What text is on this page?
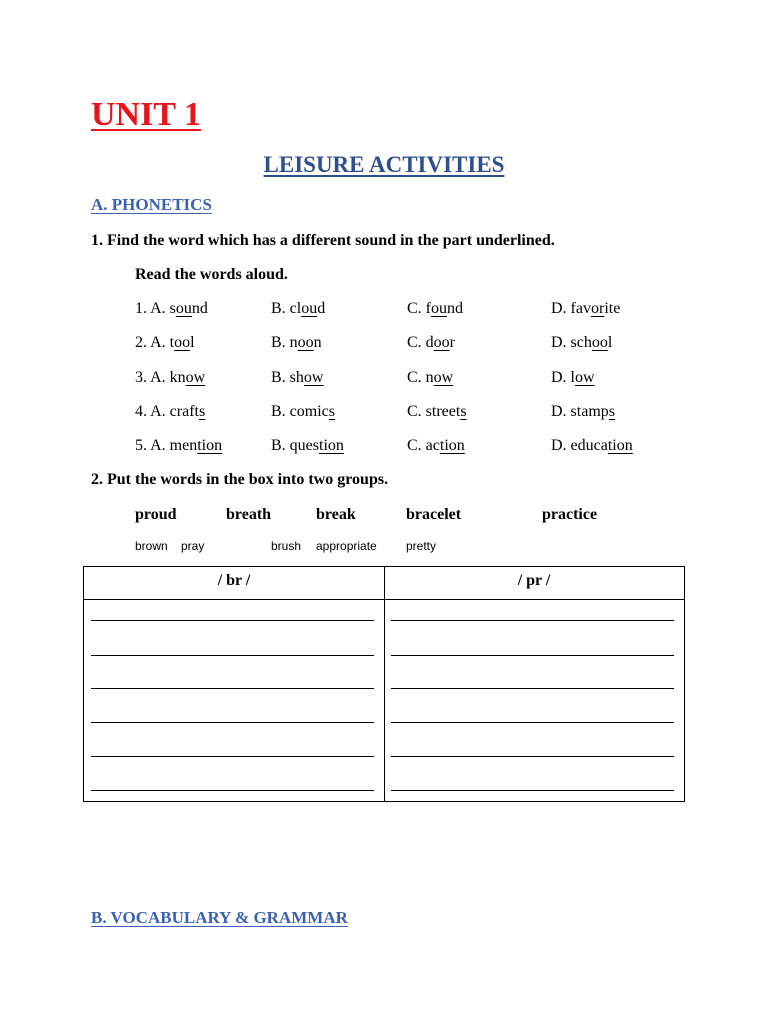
UNIT 1
LEISURE ACTIVITIES
A. PHONETICS
1. Find the word which has a different sound in the part underlined.
Read the words aloud.
1. A. sound	B. cloud	C. found	D. favorite
2. A. tool	B. noon	C. door	D. school
3. A. know	B. show	C. now	D. low
4. A. crafts	B. comics	C. streets	D. stamps
5. A. mention	B. question	C. action	D. education
2. Put the words in the box into two groups.
proud	breath	break	bracelet	practice
brown pray	brush appropriate pretty
/ br /	/ pr /
B. VOCABULARY & GRAMMAR
